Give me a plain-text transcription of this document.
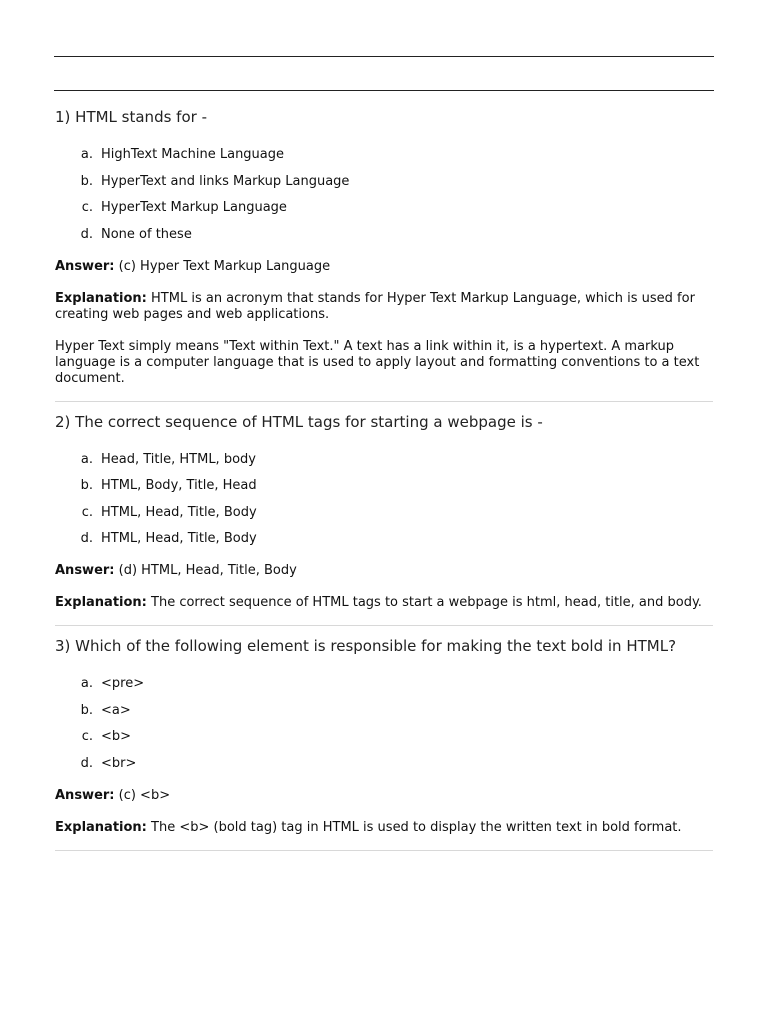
1) HTML stands for -

a. HighText Machine Language
b. HyperText and links Markup Language
c. HyperText Markup Language
d. None of these

Answer: (c) Hyper Text Markup Language

Explanation: HTML is an acronym that stands for Hyper Text Markup Language, which is used for creating web pages and web applications.

Hyper Text simply means "Text within Text." A text has a link within it, is a hypertext. A markup language is a computer language that is used to apply layout and formatting conventions to a text document.

2) The correct sequence of HTML tags for starting a webpage is -

a. Head, Title, HTML, body
b. HTML, Body, Title, Head
c. HTML, Head, Title, Body
d. HTML, Head, Title, Body

Answer: (d) HTML, Head, Title, Body

Explanation: The correct sequence of HTML tags to start a webpage is html, head, title, and body.

3) Which of the following element is responsible for making the text bold in HTML?

a. <pre>
b. <a>
c. <b>
d. <br>

Answer: (c) <b>

Explanation: The <b> (bold tag) tag in HTML is used to display the written text in bold format.
